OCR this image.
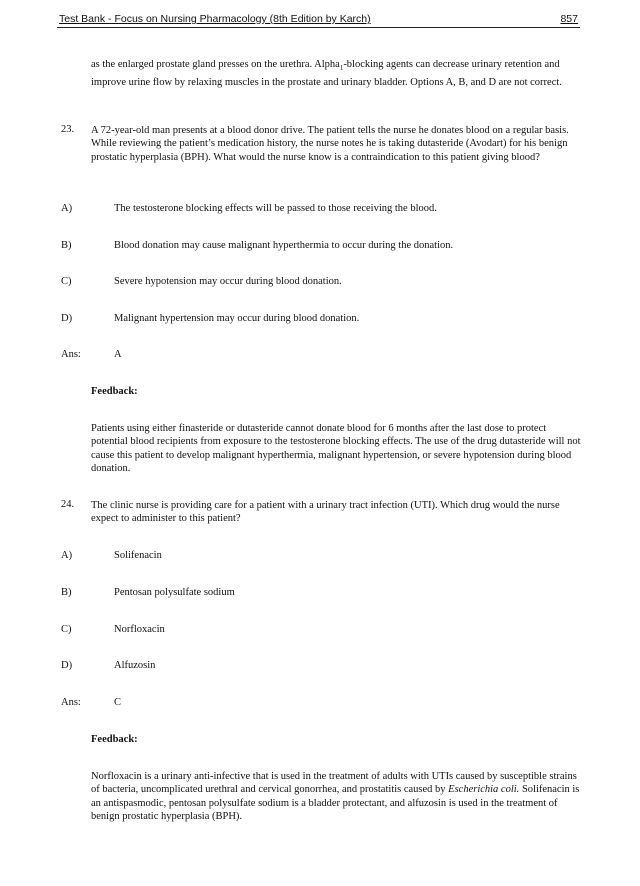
Test Bank - Focus on Nursing Pharmacology (8th Edition by Karch)	857

as the enlarged prostate gland presses on the urethra. Alpha$_1$-blocking agents can decrease urinary retention and improve urine flow by relaxing muscles in the prostate and urinary bladder. Options A, B, and D are not correct.

23. A 72-year-old man presents at a blood donor drive. The patient tells the nurse he donates blood on a regular basis. While reviewing the patient’s medication history, the nurse notes he is taking dutasteride (Avodart) for his benign prostatic hyperplasia (BPH). What would the nurse know is a contraindication to this patient giving blood?

A)	The testosterone blocking effects will be passed to those receiving the blood.
B)	Blood donation may cause malignant hyperthermia to occur during the donation.
C)	Severe hypotension may occur during blood donation.
D)	Malignant hypertension may occur during blood donation.
Ans:	A
Feedback:

Patients using either finasteride or dutasteride cannot donate blood for 6 months after the last dose to protect potential blood recipients from exposure to the testosterone blocking effects. The use of the drug dutasteride will not cause this patient to develop malignant hyperthermia, malignant hypertension, or severe hypotension during blood donation.

24. The clinic nurse is providing care for a patient with a urinary tract infection (UTI). Which drug would the nurse expect to administer to this patient?

A)	Solifenacin
B)	Pentosan polysulfate sodium
C)	Norfloxacin
D)	Alfuzosin
Ans:	C
Feedback:

Norfloxacin is a urinary anti-infective that is used in the treatment of adults with UTIs caused by susceptible strains of bacteria, uncomplicated urethral and cervical gonorrhea, and prostatitis caused by Escherichia coli. Solifenacin is an antispasmodic, pentosan polysulfate sodium is a bladder protectant, and alfuzosin is used in the treatment of benign prostatic hyperplasia (BPH).
